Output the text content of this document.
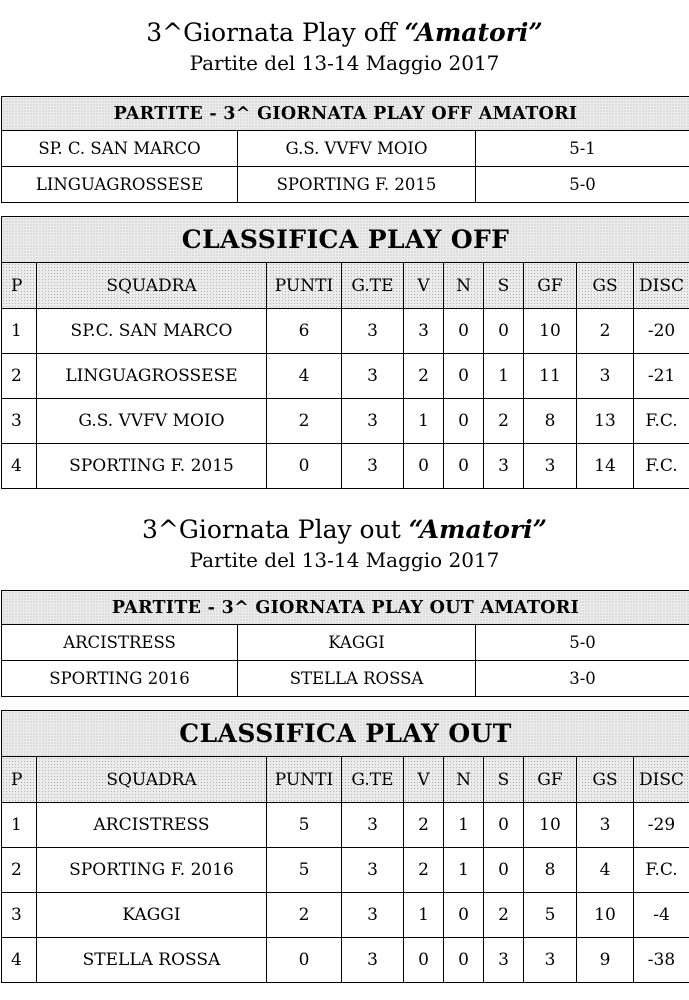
3^Giornata Play off “Amatori”
Partite del 13-14 Maggio 2017
PARTITE - 3^ GIORNATA PLAY OFF AMATORI		
SP. C. SAN MARCO	G.S. VVFV MOIO	5-1
LINGUAGROSSESE	SPORTING F. 2015	5-0
CLASSIFICA PLAY OFF									
P	SQUADRA	PUNTI	G.TE	V	N	S	GF	GS	DISC
1	SP.C. SAN MARCO	6	3	3	0	0	10	2	-20
2	LINGUAGROSSESE	4	3	2	0	1	11	3	-21
3	G.S. VVFV MOIO	2	3	1	0	2	8	13	F.C.
4	SPORTING F. 2015	0	3	0	0	3	3	14	F.C.
3^Giornata Play out “Amatori”
Partite del 13-14 Maggio 2017
PARTITE - 3^ GIORNATA PLAY OUT AMATORI		
ARCISTRESS	KAGGI	5-0
SPORTING 2016	STELLA ROSSA	3-0
CLASSIFICA PLAY OUT									
P	SQUADRA	PUNTI	G.TE	V	N	S	GF	GS	DISC
1	ARCISTRESS	5	3	2	1	0	10	3	-29
2	SPORTING F. 2016	5	3	2	1	0	8	4	F.C.
3	KAGGI	2	3	1	0	2	5	10	-4
4	STELLA ROSSA	0	3	0	0	3	3	9	-38
